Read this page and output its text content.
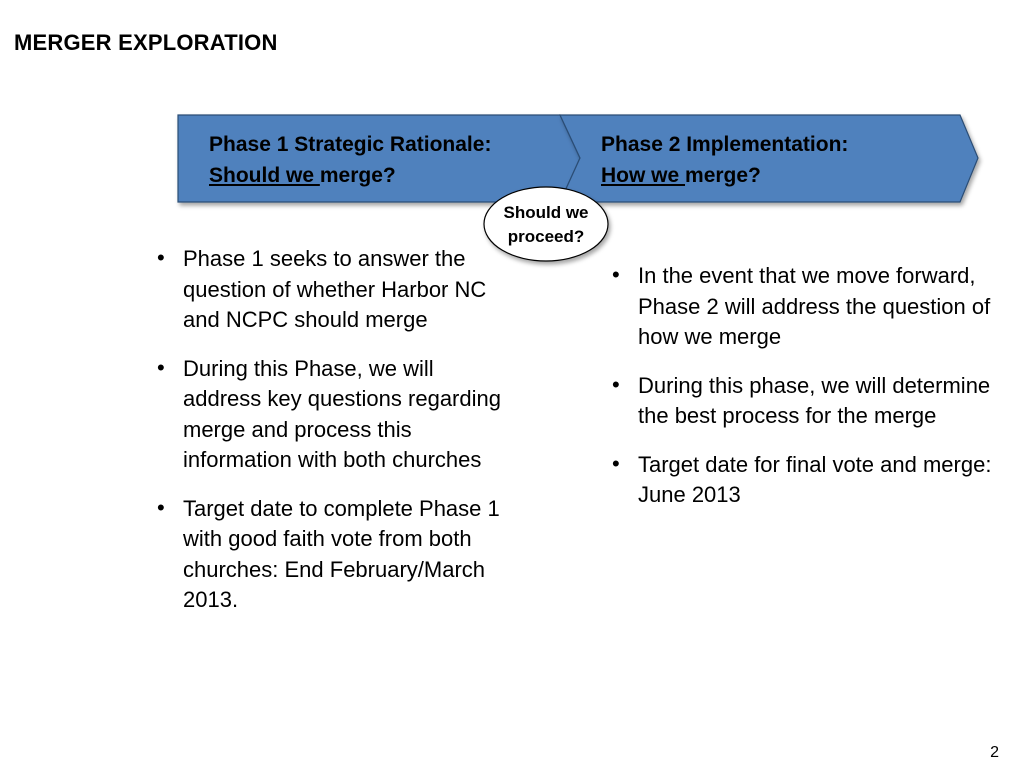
MERGER EXPLORATION
Phase 1 Strategic Rationale:
Should we merge?
Phase 2 Implementation:
How we merge?
Should we
proceed?
• Phase 1 seeks to answer the question of whether Harbor NC and NCPC should merge
• During this Phase, we will address key questions regarding merge and process this information with both churches
• Target date to complete Phase 1 with good faith vote from both churches: End February/March 2013.
• In the event that we move forward, Phase 2 will address the question of how we merge
• During this phase, we will determine the best process for the merge
• Target date for final vote and merge: June 2013
2
